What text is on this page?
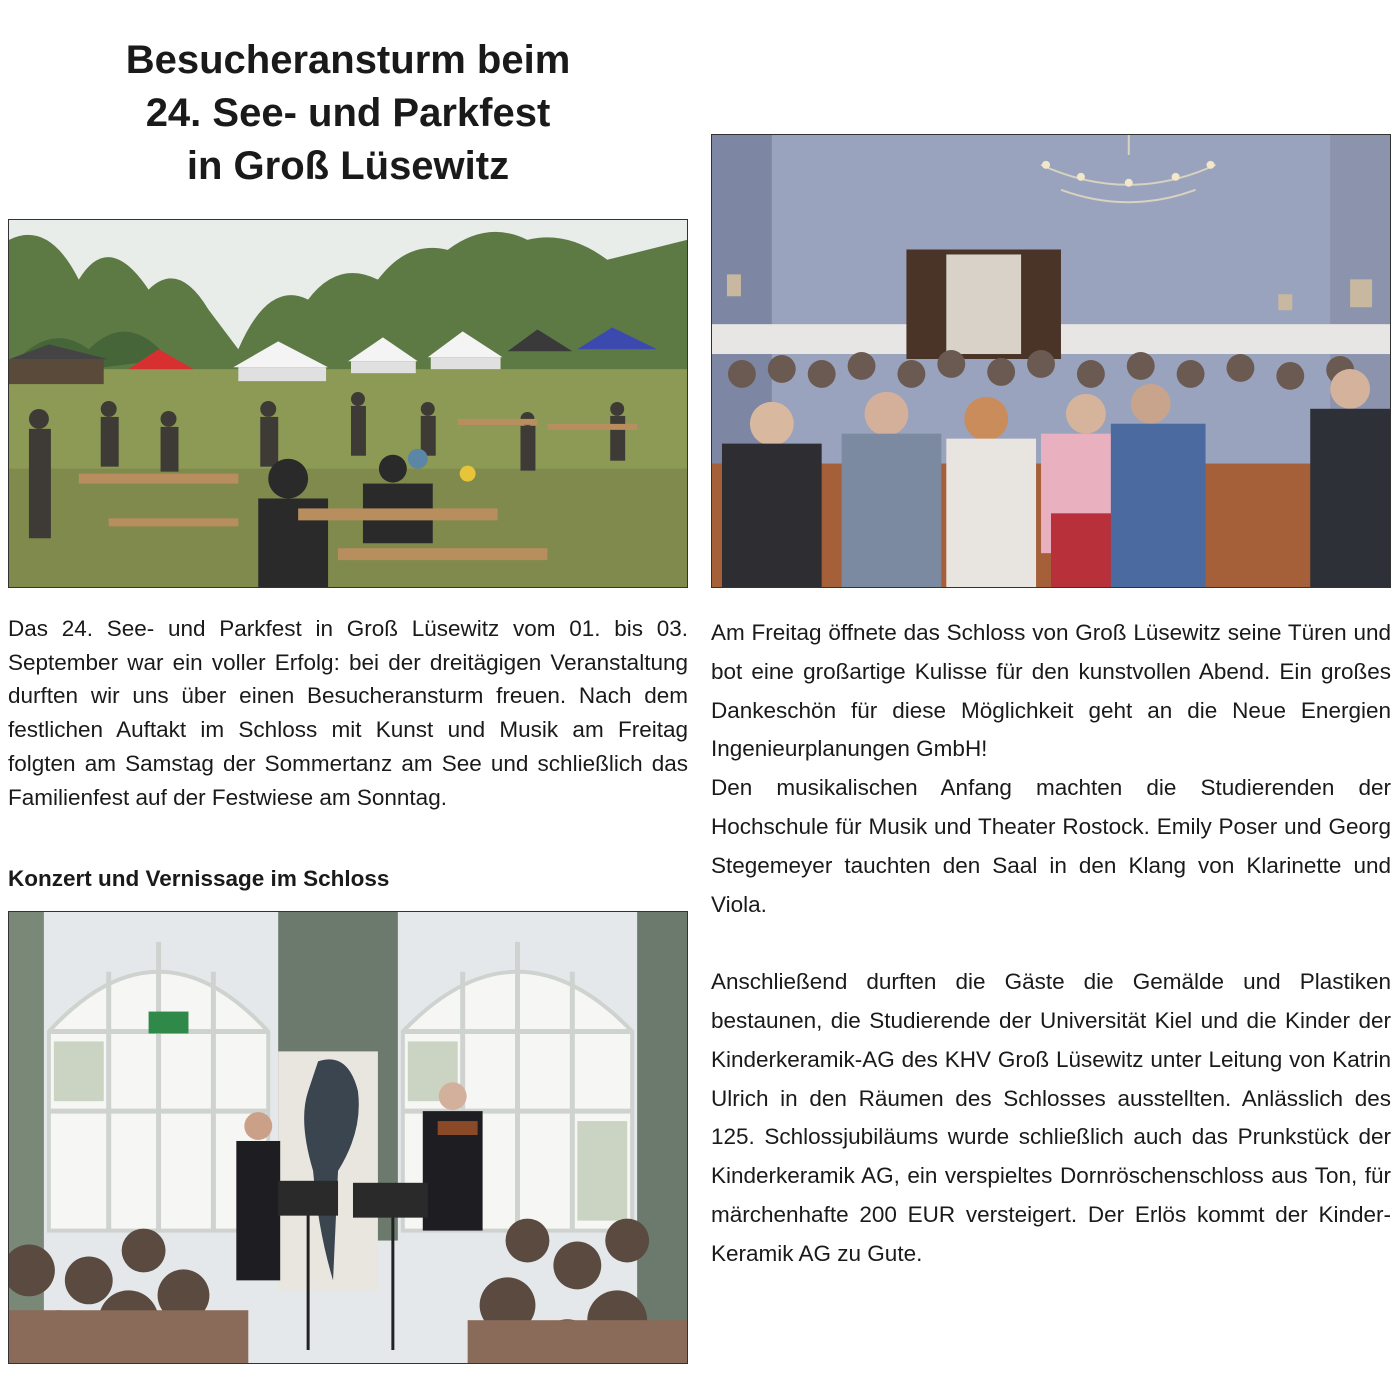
Besucheransturm beim
24. See- und Parkfest
in Groß Lüsewitz

Das 24. See- und Parkfest in Groß Lüsewitz vom 01. bis 03. September war ein voller Erfolg: bei der dreitägigen Veranstaltung durften wir uns über einen Besucheransturm freuen. Nach dem festlichen Auftakt im Schloss mit Kunst und Musik am Freitag folgten am Samstag der Sommertanz am See und schließlich das Familienfest auf der Festwiese am Sonntag.

Konzert und Vernissage im Schloss

Am Freitag öffnete das Schloss von Groß Lüsewitz seine Türen und bot eine großartige Kulisse für den kunstvollen Abend. Ein großes Dankeschön für diese Möglichkeit geht an die Neue Energien Ingenieurplanungen GmbH!

Den musikalischen Anfang machten die Studierenden der Hochschule für Musik und Theater Rostock. Emily Poser und Georg Stegemeyer tauchten den Saal in den Klang von Klarinette und Viola.

Anschließend durften die Gäste die Gemälde und Plastiken bestaunen, die Studierende der Universität Kiel und die Kinder der Kinderkeramik-AG des KHV Groß Lüsewitz unter Leitung von Katrin Ulrich in den Räumen des Schlosses ausstellten. Anlässlich des 125. Schlossjubiläums wurde schließlich auch das Prunkstück der Kinderkeramik AG, ein verspieltes Dornröschenschloss aus Ton, für märchenhafte 200 EUR versteigert. Der Erlös kommt der Kinder-Keramik AG zu Gute.
